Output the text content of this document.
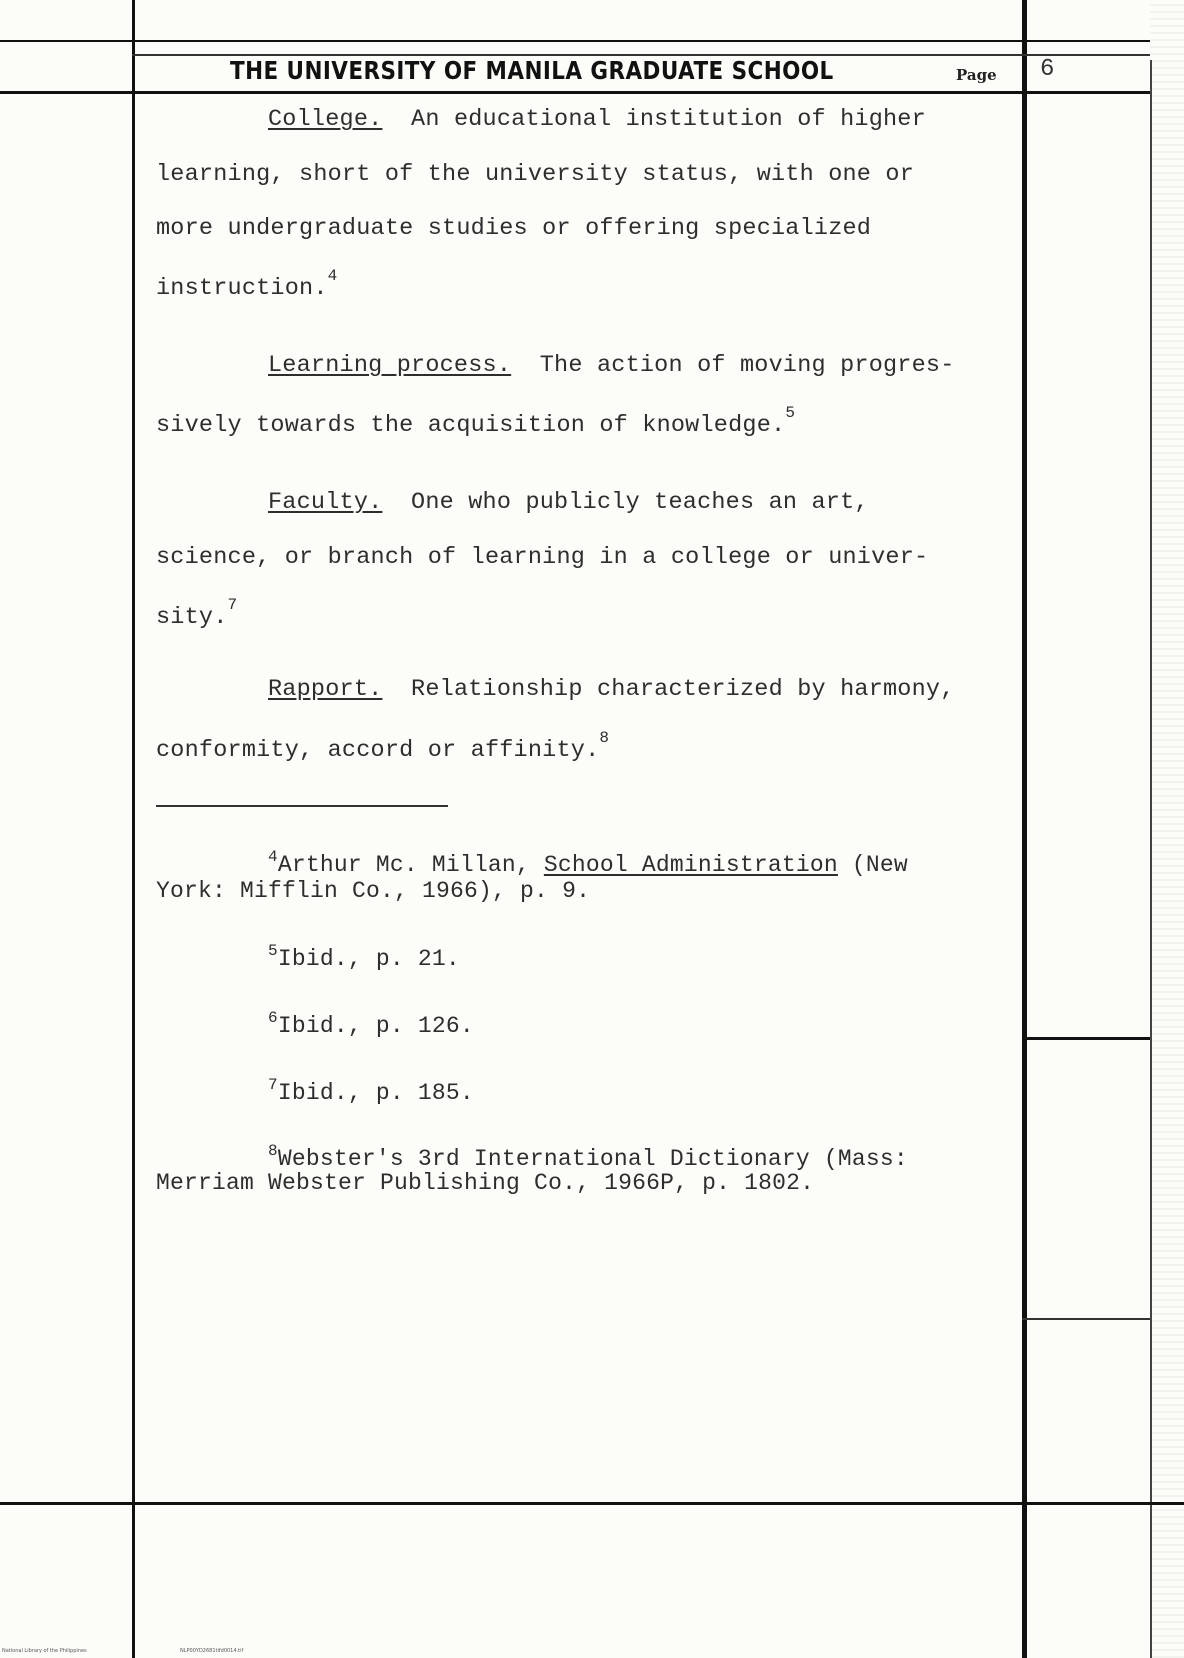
THE UNIVERSITY OF MANILA GRADUATE SCHOOL	Page 6
College. An educational institution of higher
learning, short of the university status, with one or
more undergraduate studies or offering specialized
instruction.$^4$
Learning process. The action of moving progres-
sively towards the acquisition of knowledge.$^5$
Faculty. One who publicly teaches an art,
science, or branch of learning in a college or univer-
sity.$^7$
Rapport. Relationship characterized by harmony,
conformity, accord or affinity.$^8$
$^4$Arthur Mc. Millan, School Administration (New
York: Mifflin Co., 1966), p. 9.
$^5$Ibid., p. 21.
$^6$Ibid., p. 126.
$^7$Ibid., p. 185.
$^8$Webster's 3rd International Dictionary (Mass:
Merriam Webster Publishing Co., 1966P, p. 1802.
National Library of the Philippines	NLP00YD2681tifd0014.tif
